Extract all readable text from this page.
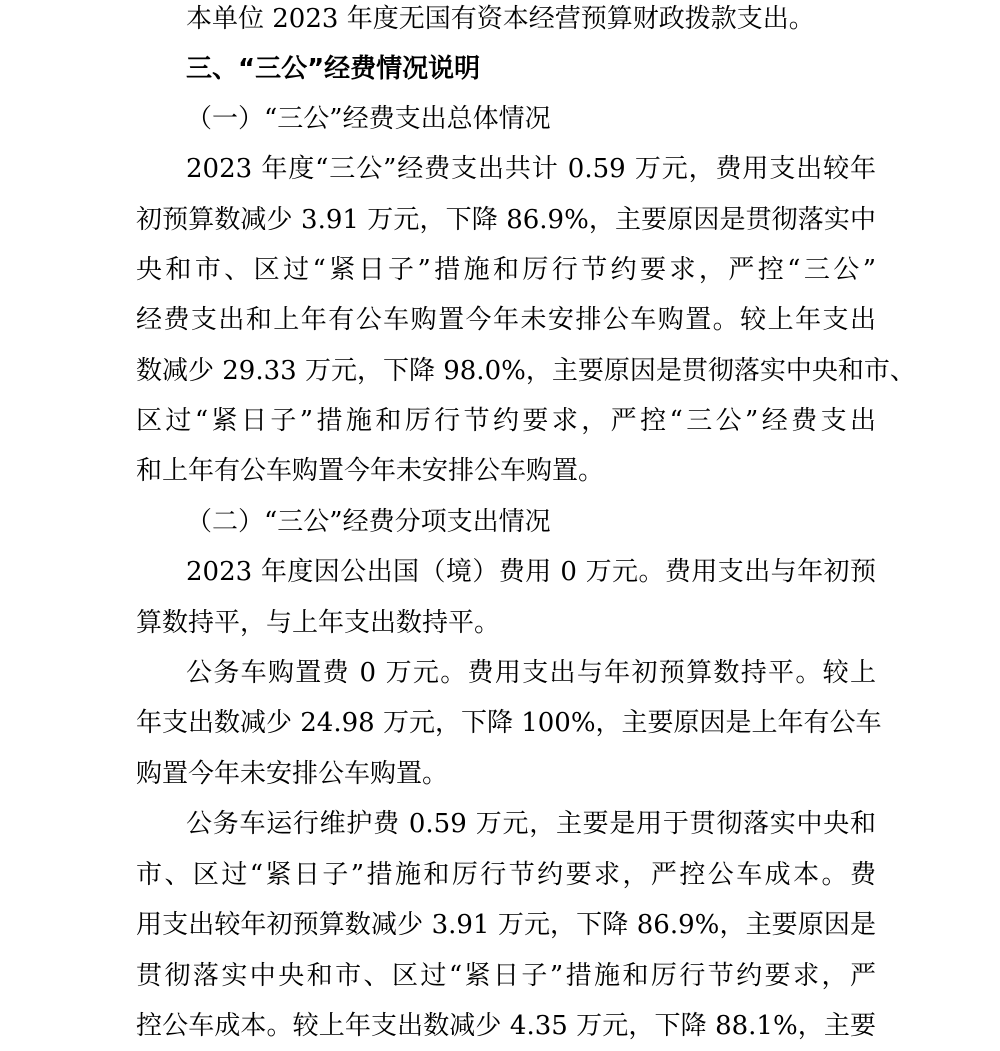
本单位 2023 年度无国有资本经营预算财政拨款支出。
三、“三公”经费情况说明
（一）“三公”经费支出总体情况
2023 年度“三公”经费支出共计 0.59 万元，费用支出较年
初预算数减少 3.91 万元，下降 86.9%，主要原因是贯彻落实中
央和市、区过“紧日子”措施和厉行节约要求，严控“三公”
经费支出和上年有公车购置今年未安排公车购置。较上年支出
数减少 29.33 万元，下降 98.0%，主要原因是贯彻落实中央和市、
区过“紧日子”措施和厉行节约要求，严控“三公”经费支出
和上年有公车购置今年未安排公车购置。
（二）“三公”经费分项支出情况
2023 年度因公出国（境）费用 0 万元。费用支出与年初预
算数持平，与上年支出数持平。
公务车购置费 0 万元。费用支出与年初预算数持平。较上
年支出数减少 24.98 万元，下降 100%，主要原因是上年有公车
购置今年未安排公车购置。
公务车运行维护费 0.59 万元，主要是用于贯彻落实中央和
市、区过“紧日子”措施和厉行节约要求，严控公车成本。费
用支出较年初预算数减少 3.91 万元，下降 86.9%，主要原因是
贯彻落实中央和市、区过“紧日子”措施和厉行节约要求，严
控公车成本。较上年支出数减少 4.35 万元，下降 88.1%，主要
